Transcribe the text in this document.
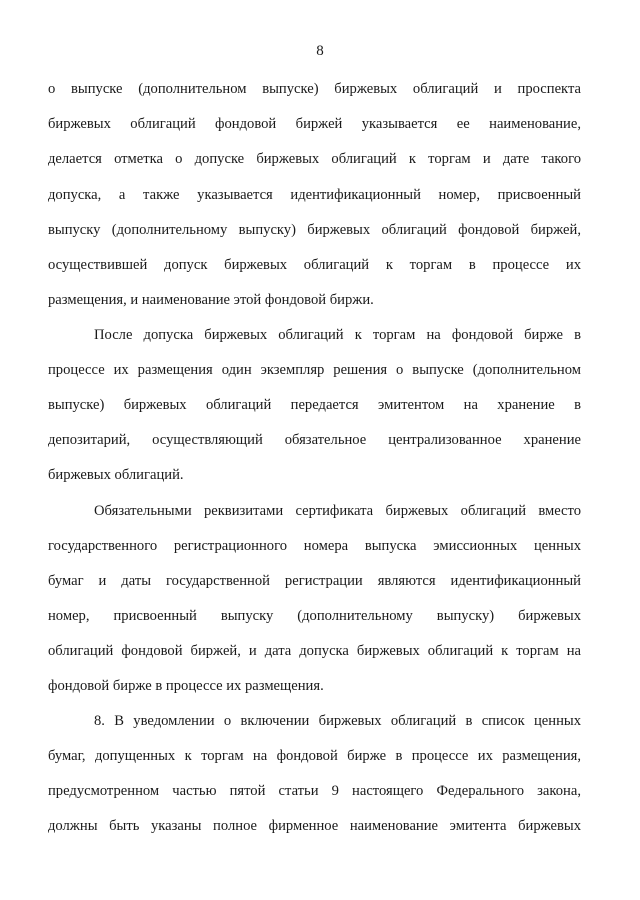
8
о выпуске (дополнительном выпуске) биржевых облигаций и проспекта
биржевых облигаций фондовой биржей указывается ее наименование,
делается отметка о допуске биржевых облигаций к торгам и дате такого
допуска, а также указывается идентификационный номер, присвоенный
выпуску (дополнительному выпуску) биржевых облигаций фондовой биржей,
осуществившей допуск биржевых облигаций к торгам в процессе их
размещения, и наименование этой фондовой биржи.
После допуска биржевых облигаций к торгам на фондовой бирже в
процессе их размещения один экземпляр решения о выпуске (дополнительном
выпуске) биржевых облигаций передается эмитентом на хранение в
депозитарий, осуществляющий обязательное централизованное хранение
биржевых облигаций.
Обязательными реквизитами сертификата биржевых облигаций вместо
государственного регистрационного номера выпуска эмиссионных ценных
бумаг и даты государственной регистрации являются идентификационный
номер, присвоенный выпуску (дополнительному выпуску) биржевых
облигаций фондовой биржей, и дата допуска биржевых облигаций к торгам на
фондовой бирже в процессе их размещения.
8. В уведомлении о включении биржевых облигаций в список ценных
бумаг, допущенных к торгам на фондовой бирже в процессе их размещения,
предусмотренном частью пятой статьи 9 настоящего Федерального закона,
должны быть указаны полное фирменное наименование эмитента биржевых
